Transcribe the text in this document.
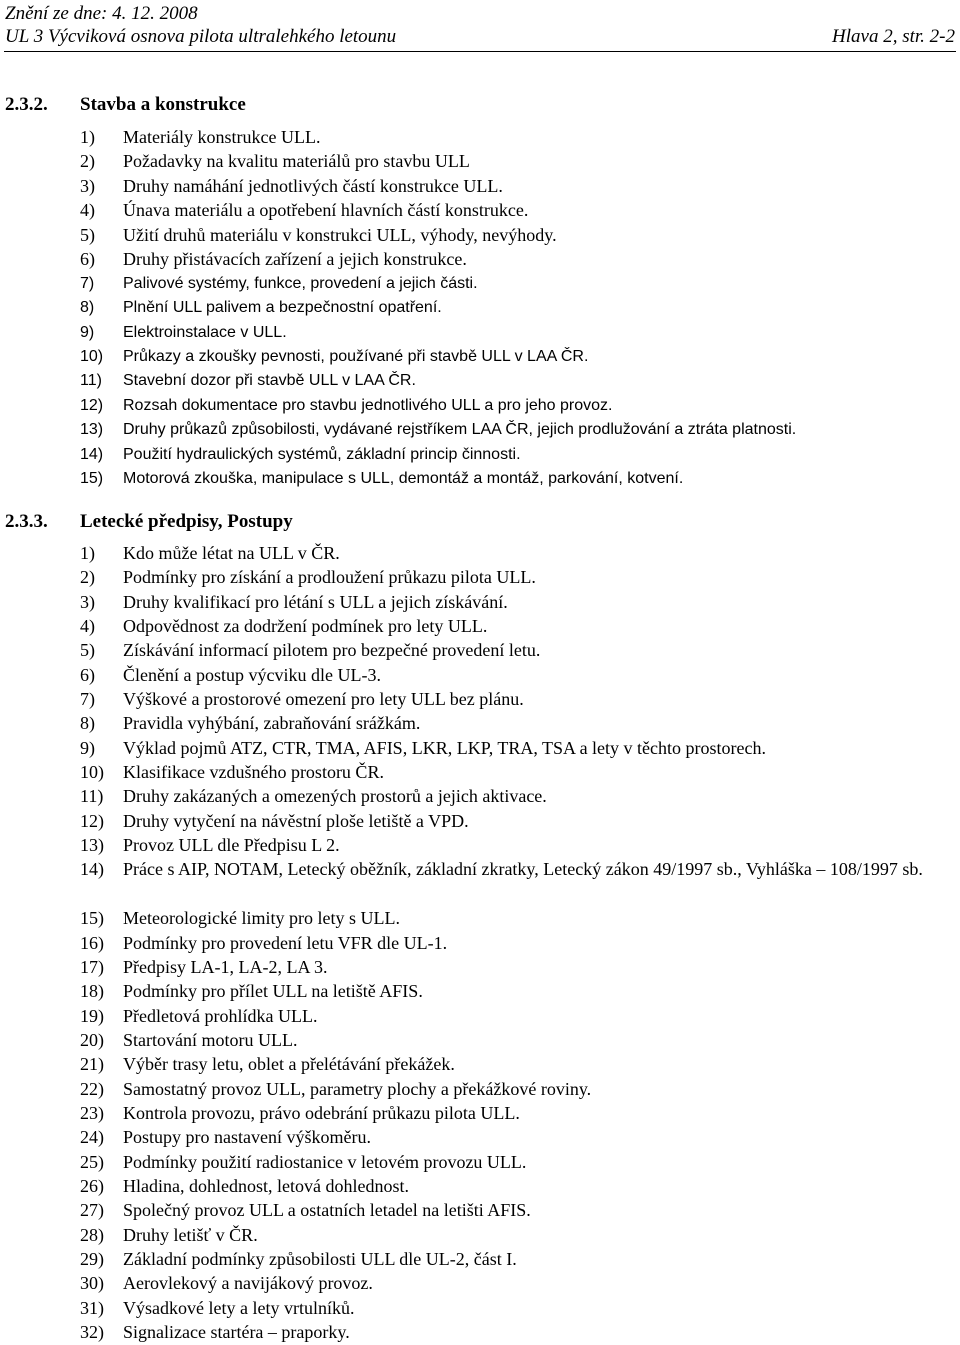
Znění ze dne: 4. 12. 2008
UL 3 Výcviková osnova pilota ultralehkého letounu	Hlava 2, str. 2-2
2.3.2. Stavba a konstrukce
1) Materiály konstrukce ULL.
2) Požadavky na kvalitu materiálů pro stavbu ULL
3) Druhy namáhání jednotlivých částí konstrukce ULL.
4) Únava materiálu a opotřebení hlavních částí konstrukce.
5) Užití druhů materiálu v konstrukci ULL, výhody, nevýhody.
6) Druhy přistávacích zařízení a jejich konstrukce.
7) Palivové systémy, funkce, provedení a jejich části.
8) Plnění ULL palivem a bezpečnostní opatření.
9) Elektroinstalace v ULL.
10) Průkazy a zkoušky pevnosti, používané při stavbě ULL v LAA ČR.
11) Stavební dozor při stavbě ULL v LAA ČR.
12) Rozsah dokumentace pro stavbu jednotlivého ULL a pro jeho provoz.
13) Druhy průkazů způsobilosti, vydávané rejstříkem LAA ČR, jejich prodlužování a ztráta platnosti.
14) Použití hydraulických systémů, základní princip činnosti.
15) Motorová zkouška, manipulace s ULL, demontáž a montáž, parkování, kotvení.
2.3.3. Letecké předpisy, Postupy
1) Kdo může létat na ULL v ČR.
2) Podmínky pro získání a prodloužení průkazu pilota ULL.
3) Druhy kvalifikací pro létání s ULL a jejich získávání.
4) Odpovědnost za dodržení podmínek pro lety ULL.
5) Získávání informací pilotem pro bezpečné provedení letu.
6) Členění a postup výcviku dle UL-3.
7) Výškové a prostorové omezení pro lety ULL bez plánu.
8) Pravidla vyhýbání, zabraňování srážkám.
9) Výklad pojmů ATZ, CTR, TMA, AFIS, LKR, LKP, TRA, TSA a lety v těchto prostorech.
10) Klasifikace vzdušného prostoru ČR.
11) Druhy zakázaných a omezených prostorů a jejich aktivace.
12) Druhy vytyčení na návěstní ploše letiště a VPD.
13) Provoz ULL dle Předpisu L 2.
14) Práce s AIP, NOTAM, Letecký oběžník, základní zkratky, Letecký zákon 49/1997 sb., Vyhláška – 108/1997 sb.
15) Meteorologické limity pro lety s ULL.
16) Podmínky pro provedení letu VFR dle UL-1.
17) Předpisy LA-1, LA-2, LA 3.
18) Podmínky pro přílet ULL na letiště AFIS.
19) Předletová prohlídka ULL.
20) Startování motoru ULL.
21) Výběr trasy letu, oblet a přelétávání překážek.
22) Samostatný provoz ULL, parametry plochy a překážkové roviny.
23) Kontrola provozu, právo odebrání průkazu pilota ULL.
24) Postupy pro nastavení výškoměru.
25) Podmínky použití radiostanice v letovém provozu ULL.
26) Hladina, dohlednost, letová dohlednost.
27) Společný provoz ULL a ostatních letadel na letišti AFIS.
28) Druhy letišť v ČR.
29) Základní podmínky způsobilosti ULL dle UL-2, část I.
30) Aerovlekový a navijákový provoz.
31) Výsadkové lety a lety vrtulníků.
32) Signalizace startéra – praporky.
